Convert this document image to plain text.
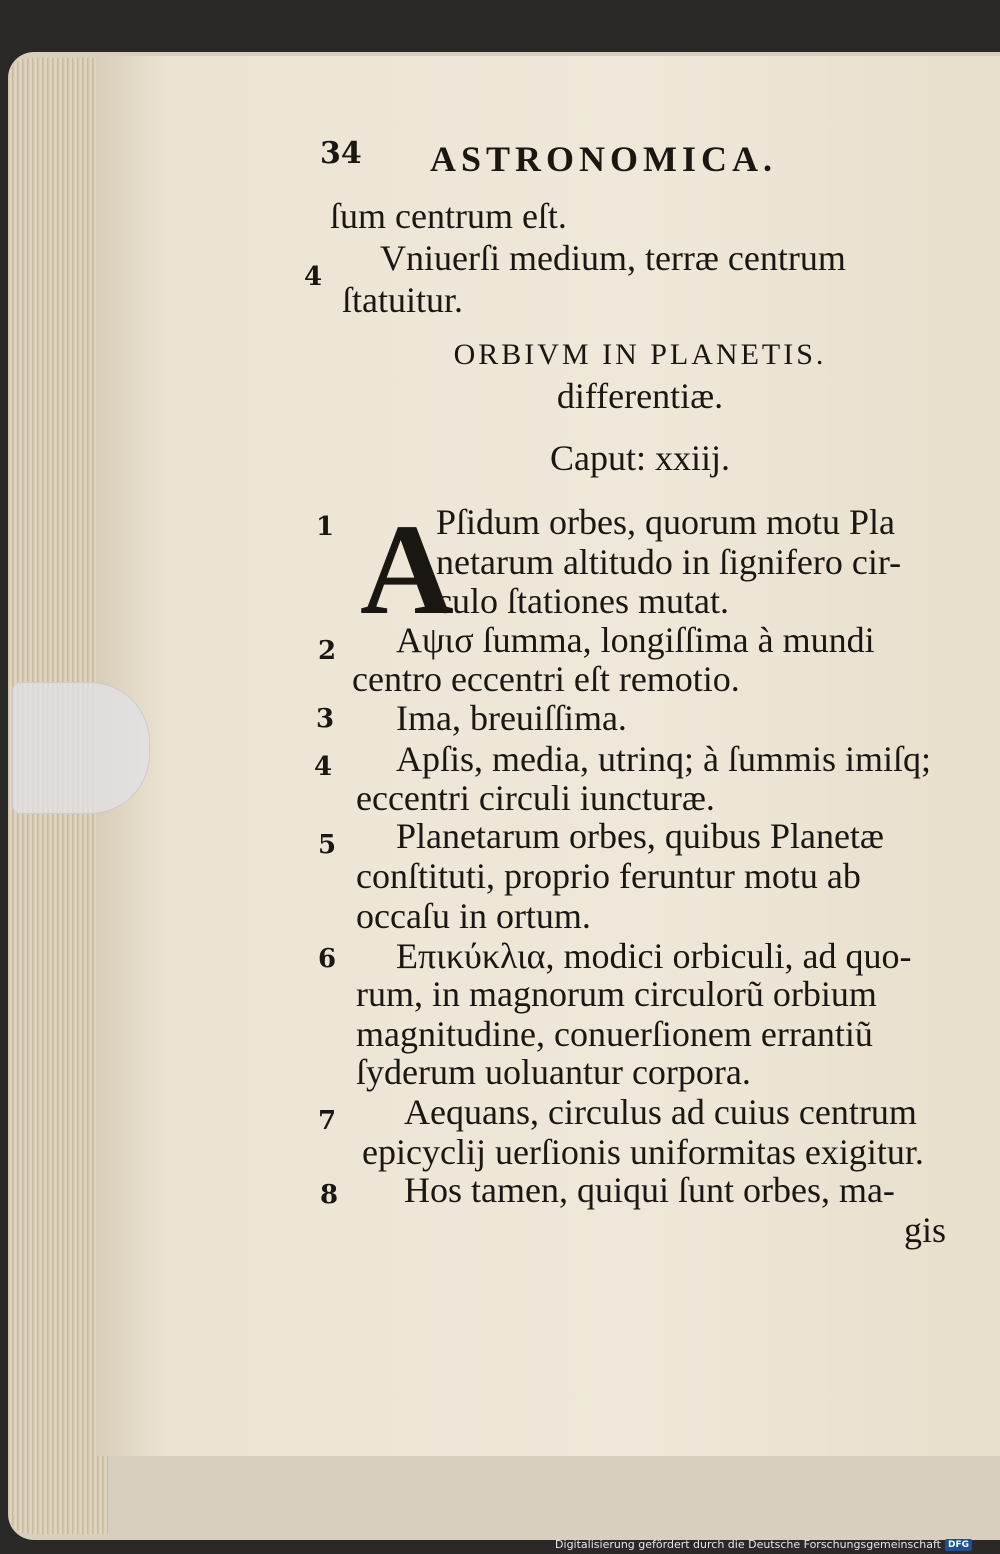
34 ASTRONOMICA.
ſum centrum eſt.
Vniuerſi medium, terræ centrum
ſtatuitur.
4
ORBIVM IN PLANETIS.
differentiæ.
Caput: xxiij.
A
Pſidum orbes, quorum motu Pla
netarum altitudo in ſignifero cir-
culo ſtationes mutat.
1
Αψισ ſumma, longiſſima à mundi
centro eccentri eſt remotio.
2
Ima, breuiſſima.
3
Apſis, media, utrinq; à ſummis imiſq;
eccentri circuli iuncturæ.
4
Planetarum orbes, quibus Planetæ
conſtituti, proprio feruntur motu ab
occaſu in ortum.
5
Επικύκλια, modici orbiculi, ad quo-
rum, in magnorum circulorũ orbium
magnitudine, conuerſionem errantiũ
ſyderum uoluantur corpora.
6
Aequans, circulus ad cuius centrum
epicyclij uerſionis uniformitas exigitur.
7
Hos tamen, quiqui ſunt orbes, ma-
gis
8
Digitalisierung gefördert durch die Deutsche Forschungsgemeinschaft DFG
